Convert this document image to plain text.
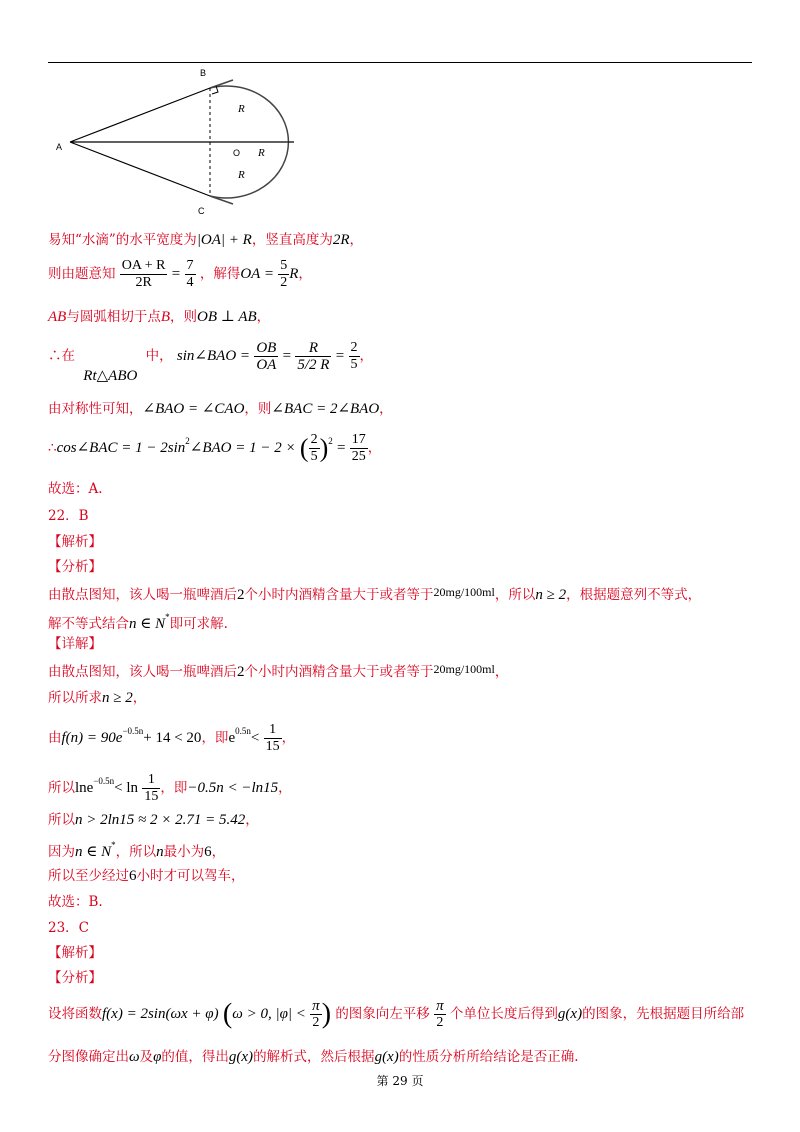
B
A
O
C
R
R
R
易知“水滴”的水平宽度为|OA| + R，竖直高度为2R，
则由题意知 $\frac{OA + R}{2R} = \frac{7}{4}$ ，解得OA = $\frac{5}{2}$ R，
AB与圆弧相切于点B，则OB ⊥ AB，
∴在 Rt△ABO 中， sin∠BAO = $\frac{OB}{OA} = \frac{R}{5/2 R} = \frac{2}{5}$ ，
由对称性可知，∠BAO = ∠CAO，则∠BAC = 2∠BAO，
∴cos∠BAC = $1 - 2\sin^2\angle BAO = 1 - 2$ × ( $\frac{2}{5} )^2 = \frac{17}{25}$ ，
故选：A.
22．B
【解析】
【分析】
由散点图知，该人喝一瓶啤酒后2个小时内酒精含量大于或者等于20mg/100ml，所以n ≥ 2，根据题意列不等式，
解不等式结合n ∈ N*即可求解.
【详解】
由散点图知，该人喝一瓶啤酒后2个小时内酒精含量大于或者等于20mg/100ml，
所以所求n ≥ 2，
由$f(n) = 90e^{-0.5n}+ 14 < 20$，即$e^{0.5n}< \frac{1}{15}$ ，
所以$\ln e^{-0.5n}< \ln \frac{1}{15}$ ，即−0.5n < −ln15，
所以n > 2ln15 ≈ 2 × 2.71 = 5.42，
因为n ∈ N*，所以n最小为6，
所以至少经过6小时才可以驾车，
故选：B.
23．C
【解析】
【分析】
设将函数f(x) = 2sin(ωx + φ) (ω > 0, $|\varphi| < \frac{\pi}{2}$ ) 的图象向左平移 $\frac{\pi}{2}$ 个单位长度后得到g(x)的图象，先根据题目所给部
分图像确定出ω及φ的值，得出g(x)的解析式，然后根据g(x)的性质分析所给结论是否正确.
第 29 页
